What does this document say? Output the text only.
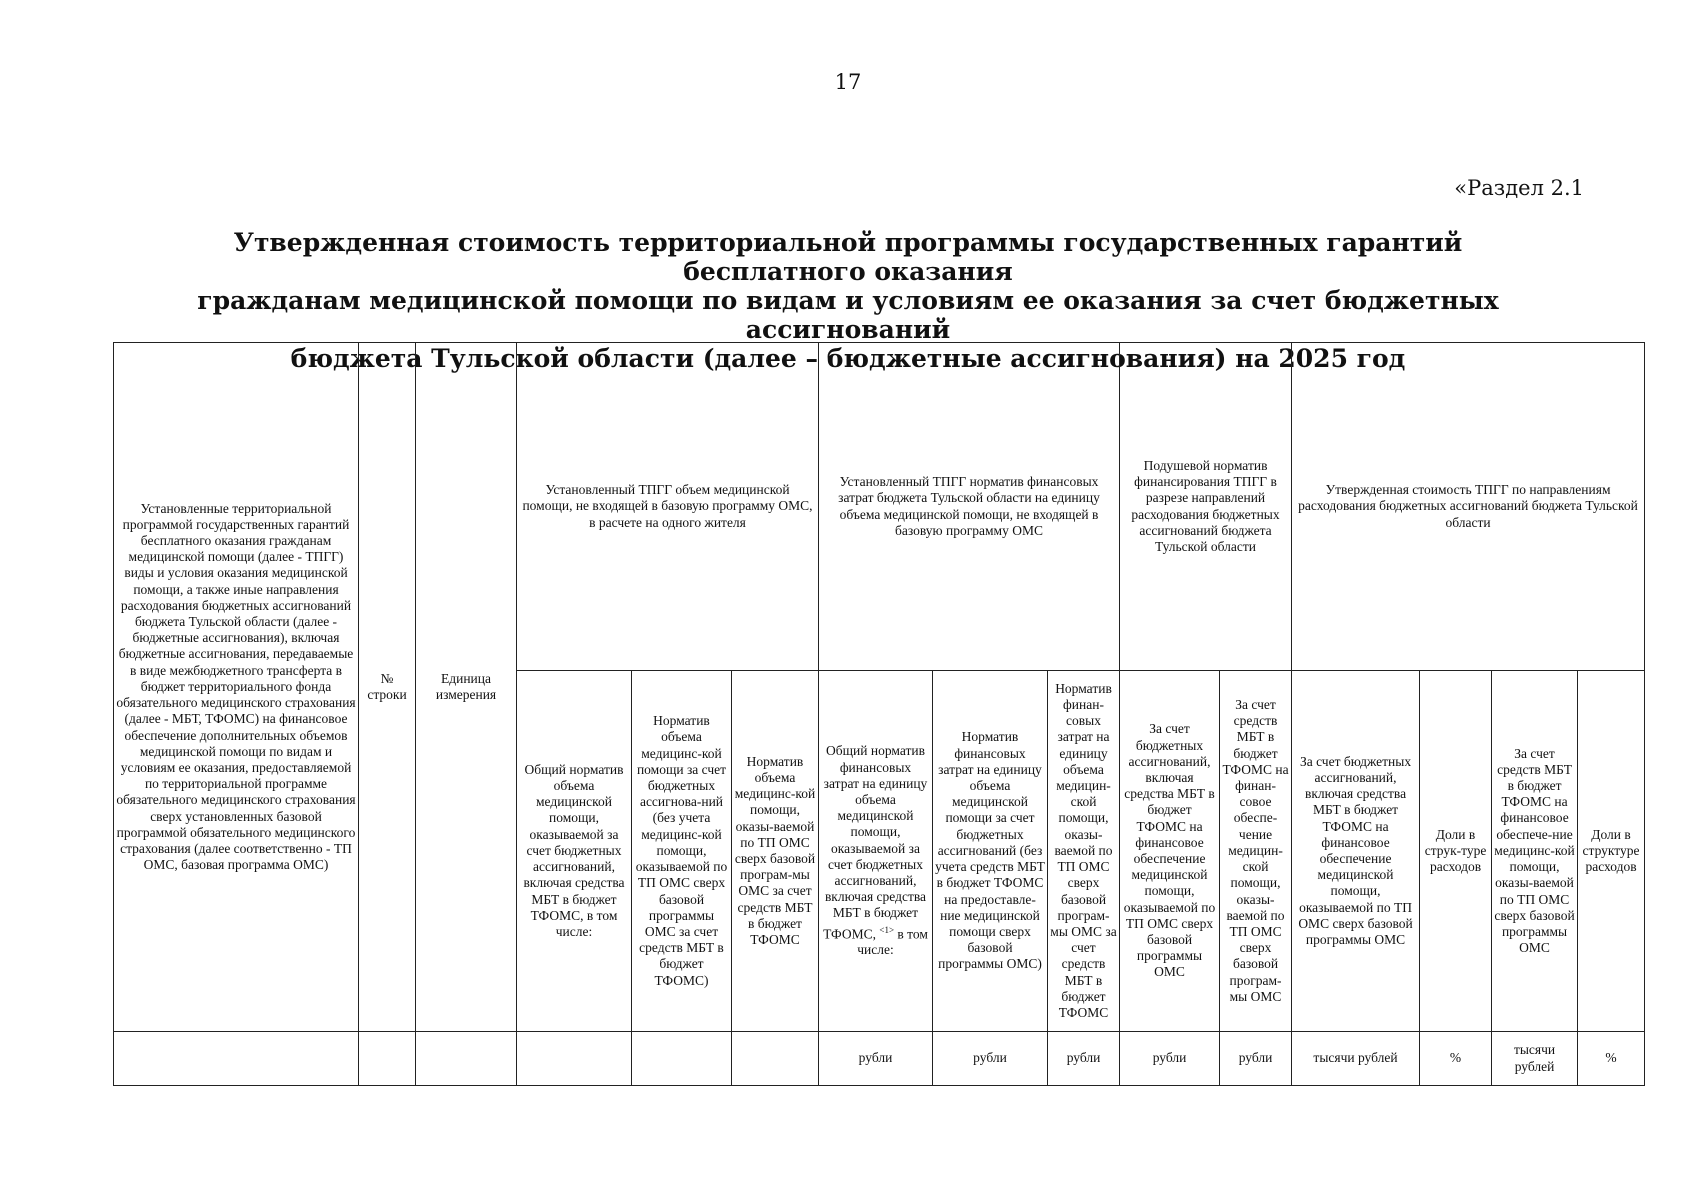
17
«Раздел 2.1
Утвержденная стоимость территориальной программы государственных гарантий бесплатного оказания
гражданам медицинской помощи по видам и условиям ее оказания за счет бюджетных ассигнований
бюджета Тульской области (далее – бюджетные ассигнования) на 2025 год
Установленные территориальной программой государственных гарантий бесплатного оказания гражданам медицинской помощи (далее - ТПГГ) виды и условия оказания медицинской помощи, а также иные направления расходования бюджетных ассигнований бюджета Тульской области (далее - бюджетные ассигнования), включая бюджетные ассигнования, передаваемые в виде межбюджетного трансферта в бюджет территориального фонда обязательного медицинского страхования (далее - МБТ, ТФОМС) на финансовое обеспечение дополнительных объемов медицинской помощи по видам и условиям ее оказания, предоставляемой по территориальной программе обязательного медицинского страхования сверх установленных базовой программой обязательного медицинского страхования (далее соответственно - ТП ОМС, базовая программа ОМС)	№ строки	Единица измерения	Установленный ТПГГ объем медицинской помощи, не входящей в базовую программу ОМС, в расчете на одного жителя			Установленный ТПГГ норматив финансовых затрат бюджета Тульской области на единицу объема медицинской помощи, не входящей в базовую программу ОМС			Подушевой норматив финансирования ТПГГ в разрезе направлений расходования бюджетных ассигнований бюджета Тульской области		Утвержденная стоимость ТПГГ по направлениям расходования бюджетных ассигнований бюджета Тульской области			
			Общий норматив объема медицинской помощи, оказываемой за счет бюджетных ассигнований, включая средства МБТ в бюджет ТФОМС, в том числе:	Норматив объема медицинс-кой помощи за счет бюджетных ассигнова-ний (без учета медицинс-кой помощи, оказываемой по ТП ОМС сверх базовой программы ОМС за счет средств МБТ в бюджет ТФОМС)	Норматив объема медицинс-кой помощи, оказы-ваемой по ТП ОМС сверх базовой програм-мы ОМС за счет средств МБТ в бюджет ТФОМС	Общий норматив финансовых затрат на единицу объема медицинской помощи, оказываемой за счет бюджетных ассигнований, включая средства МБТ в бюджет ТФОМС, $^{<1>}$ в том числе:	Норматив финансовых затрат на единицу объема медицинской помощи за счет бюджетных ассигнований (без учета средств МБТ в бюджет ТФОМС на предоставле-ние медицинской помощи сверх базовой программы ОМС)	Норматив финан-совых затрат на единицу объема медицин-ской помощи, оказы-ваемой по ТП ОМС сверх базовой програм-мы ОМС за счет средств МБТ в бюджет ТФОМС	За счет бюджетных ассигнований, включая средства МБТ в бюджет ТФОМС на финансовое обеспечение медицинской помощи, оказываемой по ТП ОМС сверх базовой программы ОМС	За счет средств МБТ в бюджет ТФОМС на финан-совое обеспе-чение медицин-ской помощи, оказы-ваемой по ТП ОМС сверх базовой програм-мы ОМС	За счет бюджетных ассигнований, включая средства МБТ в бюджет ТФОМС на финансовое обеспечение медицинской помощи, оказываемой по ТП ОМС сверх базовой программы ОМС	Доли в струк-туре расходов	За счет средств МБТ в бюджет ТФОМС на финансовое обеспече-ние медицинс-кой помощи, оказы-ваемой по ТП ОМС сверх базовой программы ОМС	Доли в структуре расходов
						рубли	рубли	рубли	рубли	рубли	тысячи рублей	%	тысячи рублей	%
